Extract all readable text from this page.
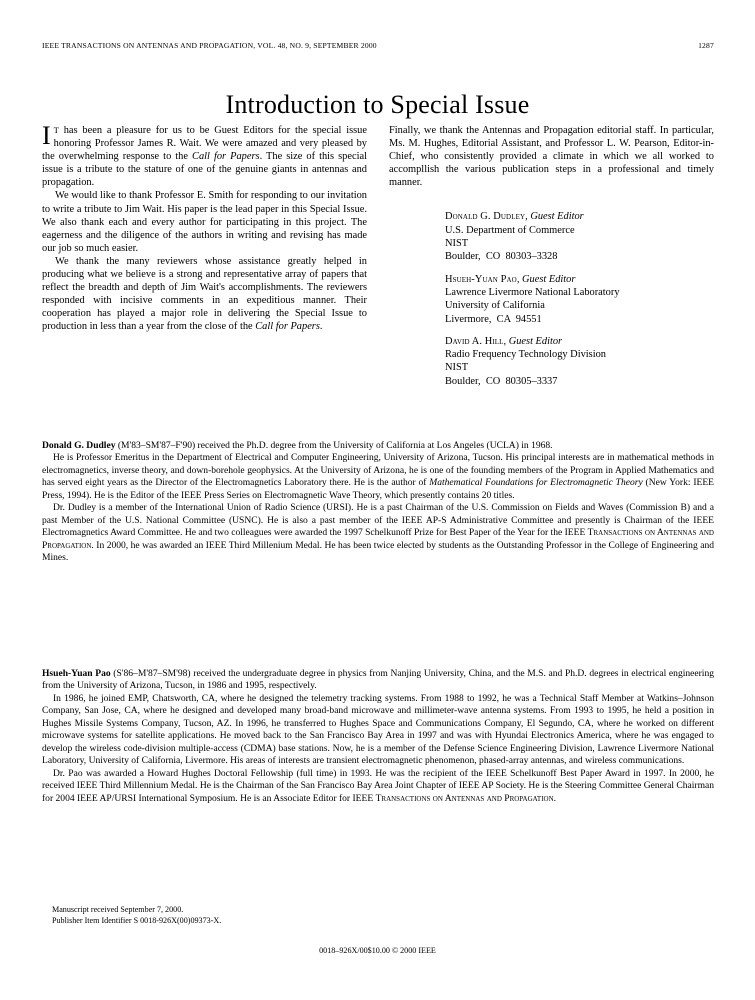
IEEE TRANSACTIONS ON ANTENNAS AND PROPAGATION, VOL. 48, NO. 9, SEPTEMBER 2000	1287
Introduction to Special Issue

I T has been a pleasure for us to be Guest Editors for the special issue honoring Professor James R. Wait. We were amazed and very pleased by the overwhelming response to the Call for Papers. The size of this special issue is a tribute to the stature of one of the genuine giants in antennas and propagation.

We would like to thank Professor E. Smith for responding to our invitation to write a tribute to Jim Wait. His paper is the lead paper in this Special Issue. We also thank each and every author for participating in this project. The eagerness and the diligence of the authors in writing and revising has made our job so much easier.

We thank the many reviewers whose assistance greatly helped in producing what we believe is a strong and representative array of papers that reflect the breadth and depth of Jim Wait's accomplishments. The reviewers responded with incisive comments in an expeditious manner. Their cooperation has played a major role in delivering the Special Issue to production in less than a year from the close of the Call for Papers.

Finally, we thank the Antennas and Propagation editorial staff. In particular, Ms. M. Hughes, Editorial Assistant, and Professor L. W. Pearson, Editor-in-Chief, who consistently provided a climate in which we all worked to accompllish the various publication steps in a professional and timely manner.

Donald G. Dudley, Guest Editor
U.S. Department of Commerce
NIST
Boulder,  CO  80303–3328
Hsueh-Yuan Pao, Guest Editor
Lawrence Livermore National Laboratory
University of California
Livermore,  CA  94551
David A. Hill, Guest Editor
Radio Frequency Technology Division
NIST
Boulder,  CO  80305–3337

Donald G. Dudley (M'83–SM'87–F'90) received the Ph.D. degree from the University of California at Los Angeles (UCLA) in 1968.

He is Professor Emeritus in the Department of Electrical and Computer Engineering, University of Arizona, Tucson. His principal interests are in mathematical methods in electromagnetics, inverse theory, and down-borehole geophysics. At the University of Arizona, he is one of the founding members of the Program in Applied Mathematics and has served eight years as the Director of the Electromagnetics Laboratory there. He is the author of Mathematical Foundations for Electromagnetic Theory (New York: IEEE Press, 1994). He is the Editor of the IEEE Press Series on Electromagnetic Wave Theory, which presently contains 20 titles.

Dr. Dudley is a member of the International Union of Radio Science (URSI). He is a past Chairman of the U.S. Commission on Fields and Waves (Commission B) and a past Member of the U.S. National Committee (USNC). He is also a past member of the IEEE AP-S Administrative Committee and presently is Chairman of the IEEE Electromagnetics Award Committee. He and two colleagues were awarded the 1997 Schelkunoff Prize for Best Paper of the Year for the IEEE Transactions on Antennas and Propagation. In 2000, he was awarded an IEEE Third Millenium Medal. He has been twice elected by students as the Outstanding Professor in the College of Engineering and Mines.

Hsueh-Yuan Pao (S'86–M'87–SM'98) received the undergraduate degree in physics from Nanjing University, China, and the M.S. and Ph.D. degrees in electrical engineering from the University of Arizona, Tucson, in 1986 and 1995, respectively.

In 1986, he joined EMP, Chatsworth, CA, where he designed the telemetry tracking systems. From 1988 to 1992, he was a Technical Staff Member at Watkins–Johnson Company, San Jose, CA, where he designed and developed many broad-band microwave and millimeter-wave antenna systems. From 1993 to 1995, he held a position in Hughes Missile Systems Company, Tucson, AZ. In 1996, he transferred to Hughes Space and Communications Company, El Segundo, CA, where he worked on different microwave systems for satellite applications. He moved back to the San Francisco Bay Area in 1997 and was with Hyundai Electronics America, where he was engaged to develop the wireless code-division multiple-access (CDMA) base stations. Now, he is a member of the Defense Science Engineering Division, Lawrence Livermore National Laboratory, University of California, Livermore. His areas of interests are transient electromagnetic phenomenon, phased-array antennas, and wireless communications.

Dr. Pao was awarded a Howard Hughes Doctoral Fellowship (full time) in 1993. He was the recipient of the IEEE Schelkunoff Best Paper Award in 1997. In 2000, he received IEEE Third Millennium Medal. He is the Chairman of the San Francisco Bay Area Joint Chapter of IEEE AP Society. He is the Steering Committee General Chairman for 2004 IEEE AP/URSI International Symposium. He is an Associate Editor for IEEE Transactions on Antennas and Propagation.

Manuscript received September 7, 2000.
Publisher Item Identifier S 0018-926X(00)09373-X.
0018–926X/00$10.00 © 2000 IEEE
